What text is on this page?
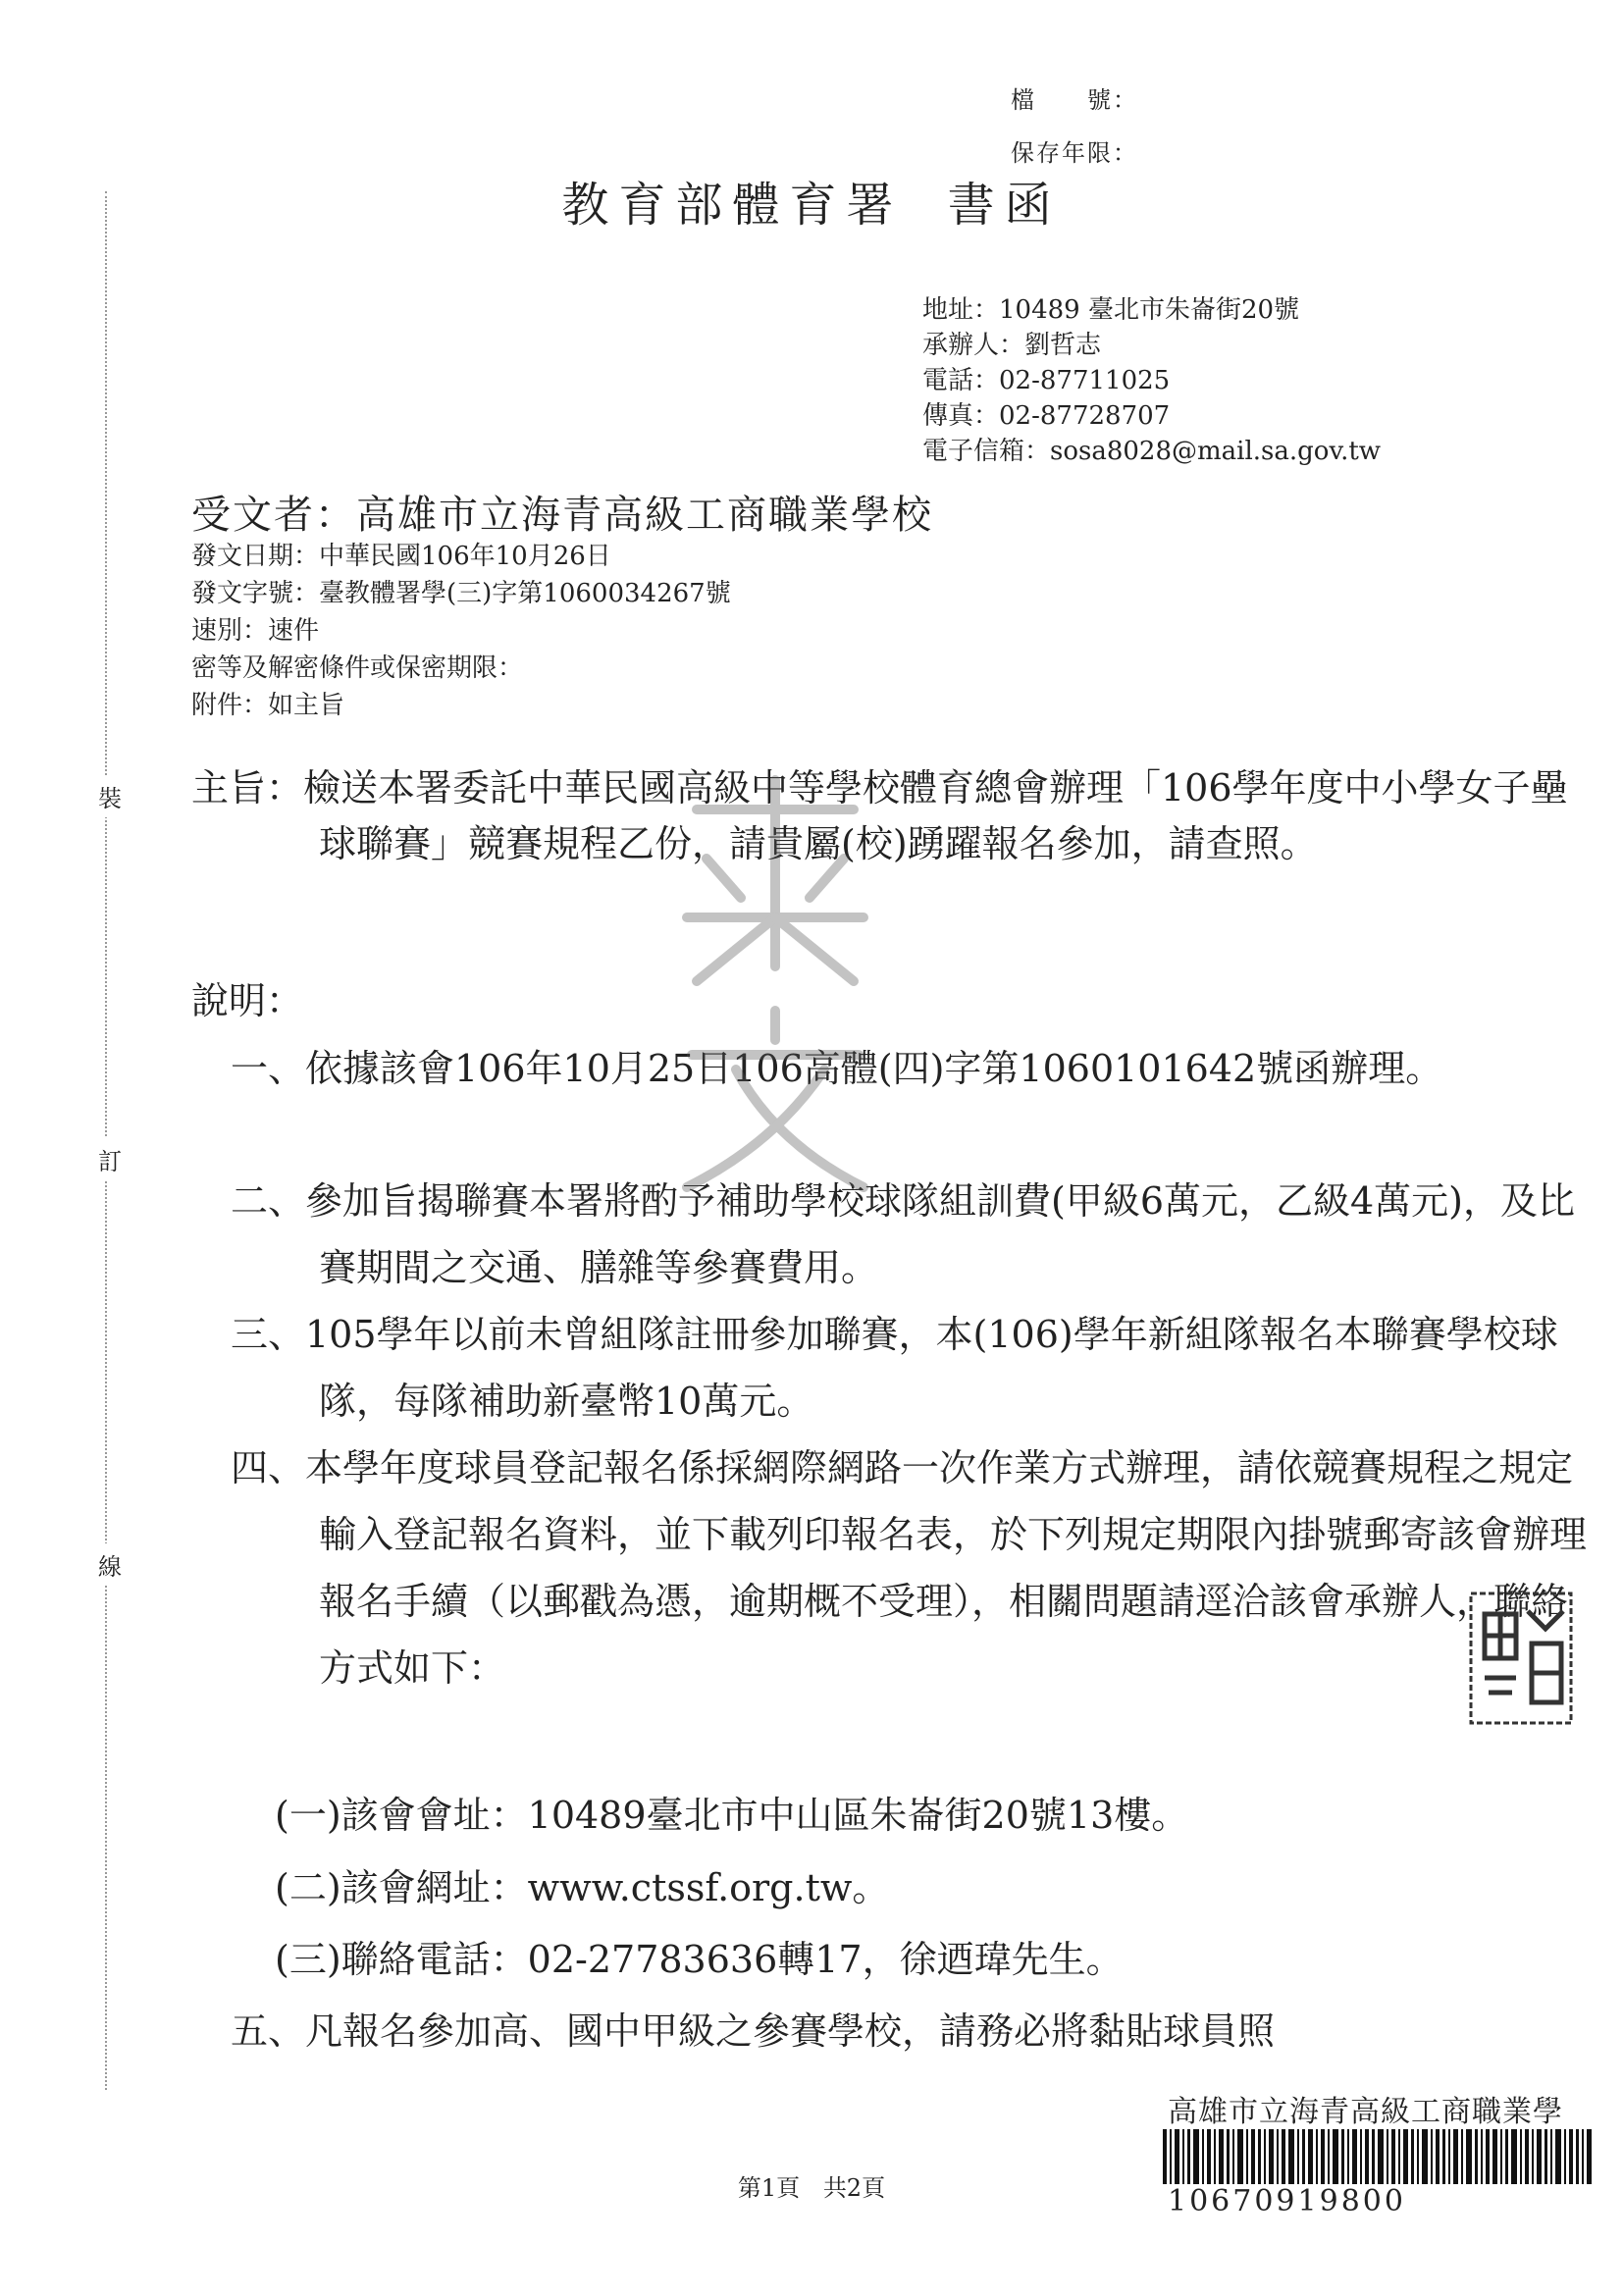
檔　　號：
保存年限：
教育部體育署 書函
地址：10489 臺北市朱崙街20號
承辦人：劉哲志
電話：02-87711025
傳真：02-87728707
電子信箱：sosa8028@mail.sa.gov.tw
受文者：高雄市立海青高級工商職業學校
發文日期：中華民國106年10月26日
發文字號：臺教體署學(三)字第1060034267號
速別：速件
密等及解密條件或保密期限：
附件：如主旨
主旨：檢送本署委託中華民國高級中等學校體育總會辦理「106學年度中小學女子壘球聯賽」競賽規程乙份，請貴屬(校)踴躍報名參加，請查照。
說明：
一、依據該會106年10月25日106高體(四)字第1060101642號函辦理。
二、參加旨揭聯賽本署將酌予補助學校球隊組訓費(甲級6萬元，乙級4萬元)，及比賽期間之交通、膳雜等參賽費用。
三、105學年以前未曾組隊註冊參加聯賽，本(106)學年新組隊報名本聯賽學校球隊，每隊補助新臺幣10萬元。
四、本學年度球員登記報名係採網際網路一次作業方式辦理，請依競賽規程之規定輸入登記報名資料，並下載列印報名表，於下列規定期限內掛號郵寄該會辦理報名手續（以郵戳為憑，逾期概不受理），相關問題請逕洽該會承辦人，聯絡方式如下：
(一)該會會址：10489臺北市中山區朱崙街20號13樓。
(二)該會網址：www.ctssf.org.tw。
(三)聯絡電話：02-27783636轉17，徐迺瑋先生。
五、凡報名參加高、國中甲級之參賽學校，請務必將黏貼球員照
裝
訂
線
高雄市立海青高級工商職業學
10670919800
第1頁 共2頁
